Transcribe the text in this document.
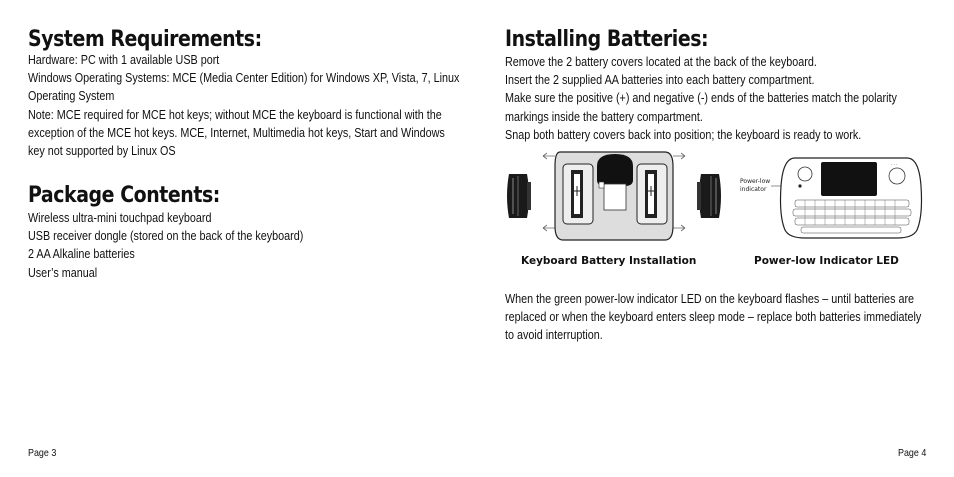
System Requirements:
Hardware: PC with 1 available USB port
Windows Operating Systems: MCE (Media Center Edition) for Windows XP, Vista, 7, Linux
Operating System
Note: MCE required for MCE hot keys; without MCE the keyboard is functional with the
exception of the MCE hot keys. MCE, Internet, Multimedia hot keys, Start and Windows
key not supported by Linux OS
Package Contents:
Wireless ultra-mini touchpad keyboard
USB receiver dongle (stored on the back of the keyboard)
2 AA Alkaline batteries
User’s manual
Installing Batteries:
Remove the 2 battery covers located at the back of the keyboard.
Insert the 2 supplied AA batteries into each battery compartment.
Make sure the positive (+) and negative (-) ends of the batteries match the polarity
markings inside the battery compartment.
Snap both battery covers back into position; the keyboard is ready to work.
Power-low
indicator
· · ·
Keyboard Battery Installation	Power-low Indicator LED
When the green power-low indicator LED on the keyboard flashes – until batteries are
replaced or when the keyboard enters sleep mode – replace both batteries immediately
to avoid interruption.
Page 3	Page 4
